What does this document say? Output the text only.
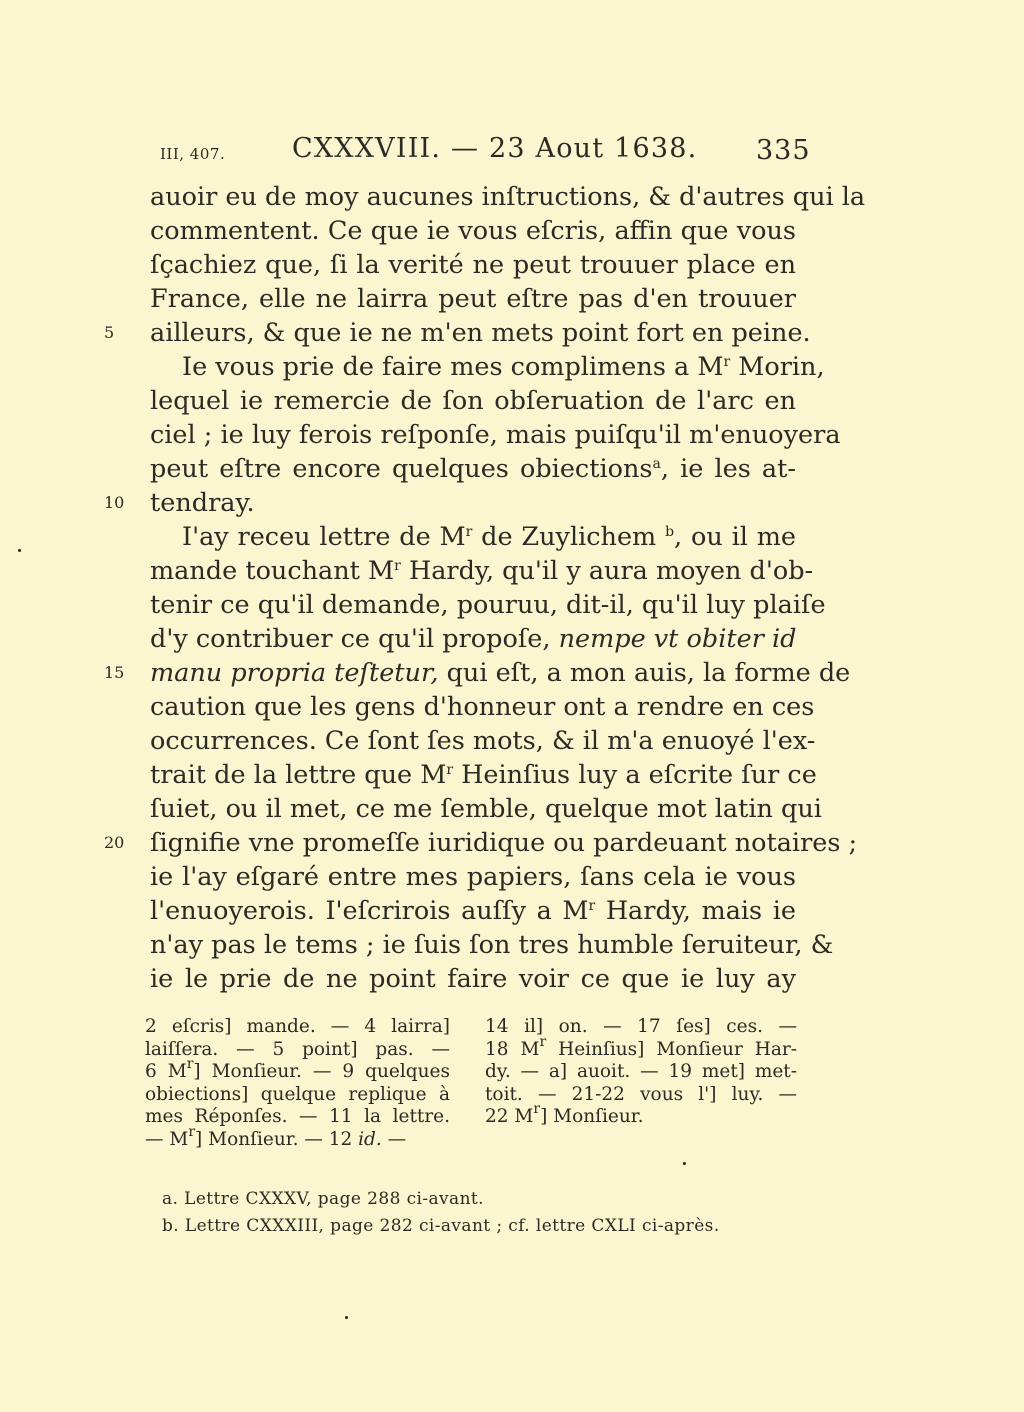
III, 407. CXXXVIII. — 23 Aout 1638. 335
auoir eu de moy aucunes inſtructions, & d'autres qui la
commentent. Ce que ie vous eſcris, affin que vous
ſçachiez que, ſi la verité ne peut trouuer place en
France, elle ne lairra peut eſtre pas d'en trouuer
5	ailleurs, & que ie ne m'en mets point fort en peine.
Ie vous prie de faire mes complimens a $M^r$ Morin,
lequel ie remercie de ſon obſeruation de l'arc en
ciel ; ie luy ferois reſponſe, mais puiſqu'il m'enuoyera
peut eſtre encore quelques obiections$^a$, ie les at-
10 tendray.
I'ay receu lettre de $M^r$ de Zuylichem $^b$, ou il me
mande touchant $M^r$ Hardy, qu'il y aura moyen d'ob-
tenir ce qu'il demande, pouruu, dit-il, qu'il luy plaiſe
d'y contribuer ce qu'il propoſe, nempe vt obiter id
15 manu propria teſtetur, qui eſt, a mon auis, la forme de
caution que les gens d'honneur ont a rendre en ces
occurrences. Ce ſont ſes mots, & il m'a enuoyé l'ex-
trait de la lettre que $M^r$ Heinſius luy a eſcrite ſur ce
ſuiet, ou il met, ce me ſemble, quelque mot latin qui
20 ſignifie vne promeſſe iuridique ou pardeuant notaires ;
ie l'ay eſgaré entre mes papiers, ſans cela ie vous
l'enuoyerois. I'eſcrirois auſſy a $M^r$ Hardy, mais ie
n'ay pas le tems ; ie ſuis ſon tres humble ſeruiteur, &
ie le prie de ne point faire voir ce que ie luy ay
2 eſcris] mande. — 4 lairra]
laiſſera. — 5 point] pas. —
6 $M^r$] Monſieur. — 9 quelques
obiections] quelque replique à
mes Réponſes. — 11 la lettre.
— $M^r$] Monſieur. — 12 id. —
14 il] on. — 17 ſes] ces. —
18 $M^r$ Heinſius] Monſieur Har-
dy. — a] auoit. — 19 met] met-
toit. — 21-22 vous l'] luy. —
22 $M^r$] Monſieur.
a. Lettre CXXXV, page 288 ci-avant.
b. Lettre CXXXIII, page 282 ci-avant ; cf. lettre CXLI ci-après.
